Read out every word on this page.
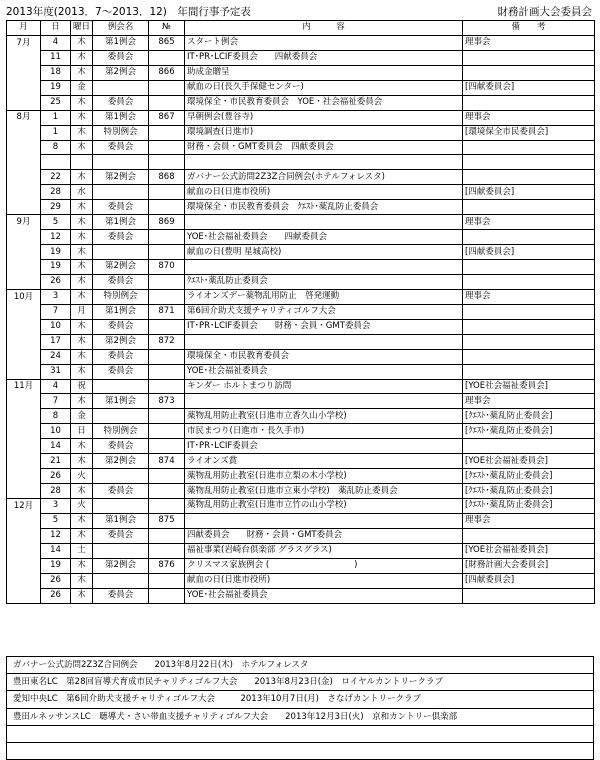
2013年度(2013．7～2013．12)　年間行事予定表	財務計画大会委員会
月	日	曜日	例会名	№	内　　　容	備　　考
7月	4	木	第1例会	865	スタート例会	理事会
	11	木	委員会		IT･PR･LCIF委員会　　四献委員会	
	18	木	第2例会	866	助成金贈呈	
	19	金			献血の日(長久手保健センター)	[四献委員会]
	25	木	委員会		環境保全・市民教育委員会　YOE・社会福祉委員会	
8月	1	木	第1例会	867	早朝例会(豊谷寺)	理事会
	1	木	特別例会		環境調査(日進市)	[環境保全市民委員会]
	8	木	委員会		財務・会員・GMT委員会　四献委員会	

	22	木	第2例会	868	ガバナー公式訪問2Z3Z合同例会(ホテルフォレスタ)	
	28	水			献血の日(日進市役所)	[四献委員会]
	29	木	委員会		環境保全・市民教育委員会　ｸｴｽﾄ･薬乱防止委員会	
9月	5	木	第1例会	869		理事会
	12	木	委員会		YOE･社会福祉委員会　　四献委員会	
	19	木			献血の日(豊明 星城高校)	[四献委員会]
	19	木	第2例会	870		
	26	木	委員会		ｸｴｽﾄ･薬乱防止委員会	
10月	3	木	特別例会		ライオンズデー薬物乱用防止　啓発運動	理事会
	7	月	第1例会	871	第6回介助犬支援チャリティゴルフ大会	
	10	木	委員会		IT･PR･LCIF委員会　　財務・会員・GMT委員会	
	17	木	第2例会	872		
	24	木	委員会		環境保全・市民教育委員会	
	31	木	委員会		YOE･社会福祉委員会	
11月	4	祝			キンダー ホルトまつり訪問	[YOE社会福祉委員会]
	7	木	第1例会	873		理事会
	8	金			薬物乱用防止教室(日進市立香久山小学校)	[ｸｴｽﾄ･薬乱防止委員会]
	10	日	特別例会		市民まつり(日進市・長久手市)	[ｸｴｽﾄ･薬乱防止委員会]
	14	木	委員会		IT･PR･LCIF委員会	
	21	木	第2例会	874	ライオンズ賞	[YOE社会福祉委員会]
	26	火			薬物乱用防止教室(日進市立梨の木小学校)	[ｸｴｽﾄ･薬乱防止委員会]
	28	木	委員会		薬物乱用防止教室(日進市立東小学校)　薬乱防止委員会	[ｸｴｽﾄ･薬乱防止委員会]
12月	3	火			薬物乱用防止教室(日進市立竹の山小学校)	[ｸｴｽﾄ･薬乱防止委員会]
	5	木	第1例会	875		理事会
	12	木	委員会		四献委員会　　財務・会員・GMT委員会	
	14	土			福祉事業(岩崎台倶楽部 グラスグラス)	[YOE社会福祉委員会]
	19	木	第2例会	876	クリスマス家族例会 (　　　　　　　　　　)	[財務計画大会委員会]
	26	木			献血の日(日進市役所)	[四献委員会]
	26	木	委員会		YOE･社会福祉委員会	
ガバナー公式訪問2Z3Z合同例会　　2013年8月22日(木)　ホテルフォレスタ
豊田東名LC　第28回盲導犬育成市民チャリティゴルフ大会　　2013年8月23日(金)　ロイヤルカントリークラブ
愛知中央LC　第6回介助犬支援チャリティゴルフ大会　　　2013年10月7日(月)　さなげカントリークラブ
豊田ルネッサンスLC　聴導犬・さい帯血支援チャリティゴルフ大会　　2013年12月3日(火)　京和カントリー倶楽部
